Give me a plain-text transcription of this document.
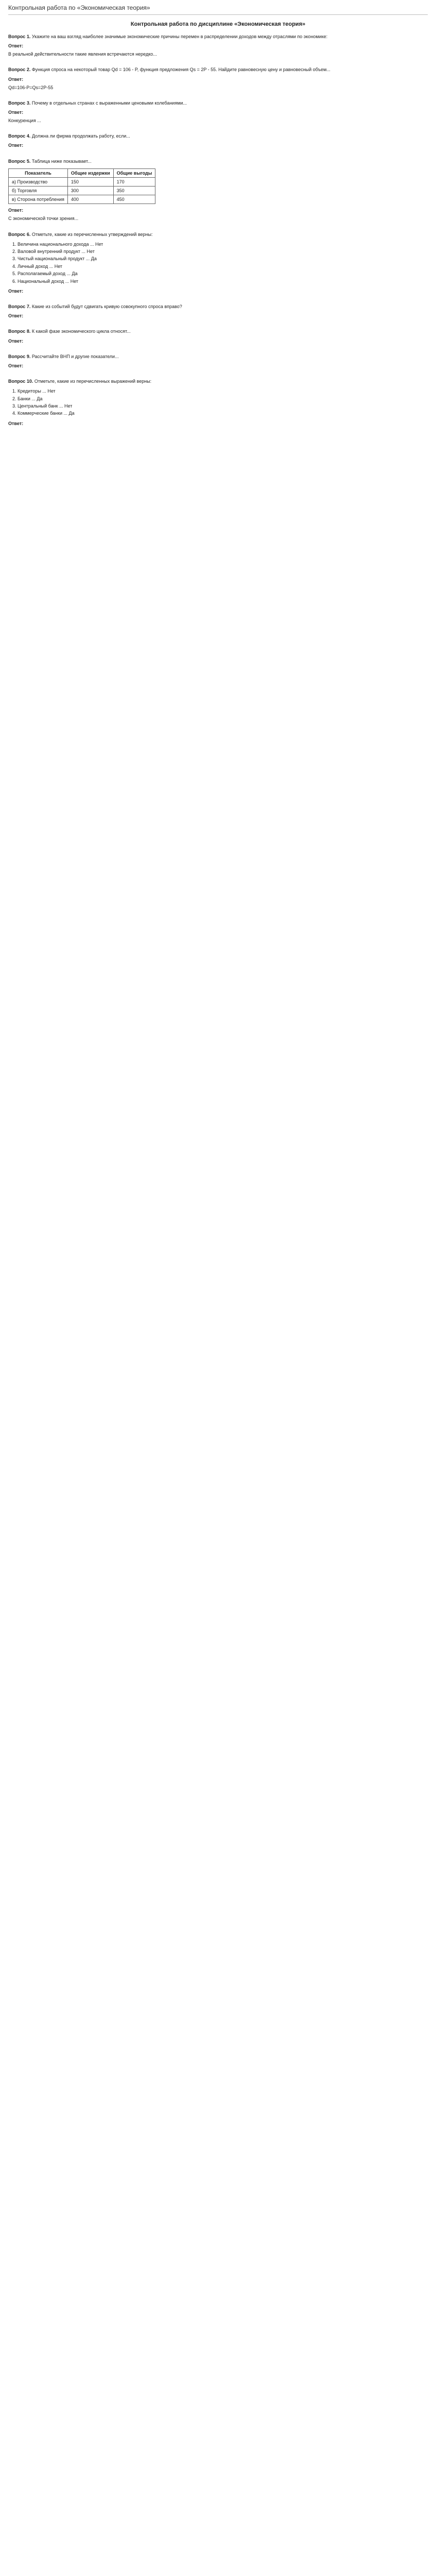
Контрольная работа по «Экономическая теория»
Контрольная работа по дисциплине «Экономическая теория»
Вопрос 1. Укажите на ваш взгляд наиболее значимые экономические причины перемен в распределении доходов между отраслями по экономике:
Ответ:
В реальной действительности такие явления встречаются нередко...
Вопрос 2. Функция спроса на некоторый товар Qd = 106 - P, функция предложения Qs = 2P - 55. Найдите равновесную цену и равновесный объем...
Ответ:
Qd=106-P=Qs=2P-55
Вопрос 3. Почему в отдельных странах с выраженными ценовыми колебаниями...
Ответ:
Конкуренция ...
Вопрос 4. Должна ли фирма продолжать работу, если...
Ответ:
Вопрос 5. Таблица ниже показывает...
Показатель	Общие издержки	Общие выгоды
а) Производство	150	170
б) Торговля	300	350
в) Сторона потребления	400	450
Ответ:
С экономической точки зрения...
Вопрос 6. Отметьте, какие из перечисленных утверждений верны:
1. Величина национального дохода ... Нет
2. Валовой внутренний продукт ... Нет
3. Чистый национальный продукт ... Да
4. Личный доход ... Нет
5. Располагаемый доход ... Да
6. Национальный доход ... Нет
Ответ:
Вопрос 7. Какие из событий будут сдвигать кривую совокупного спроса вправо?
Ответ:
Вопрос 8. К какой фазе экономического цикла относят...
Ответ:
Вопрос 9. Рассчитайте ВНП и другие показатели...
Ответ:
Вопрос 10. Отметьте, какие из перечисленных выражений верны:
1. Кредиторы ... Нет
2. Банки ... Да
3. Центральный банк ... Нет
4. Коммерческие банки ... Да
Ответ:
